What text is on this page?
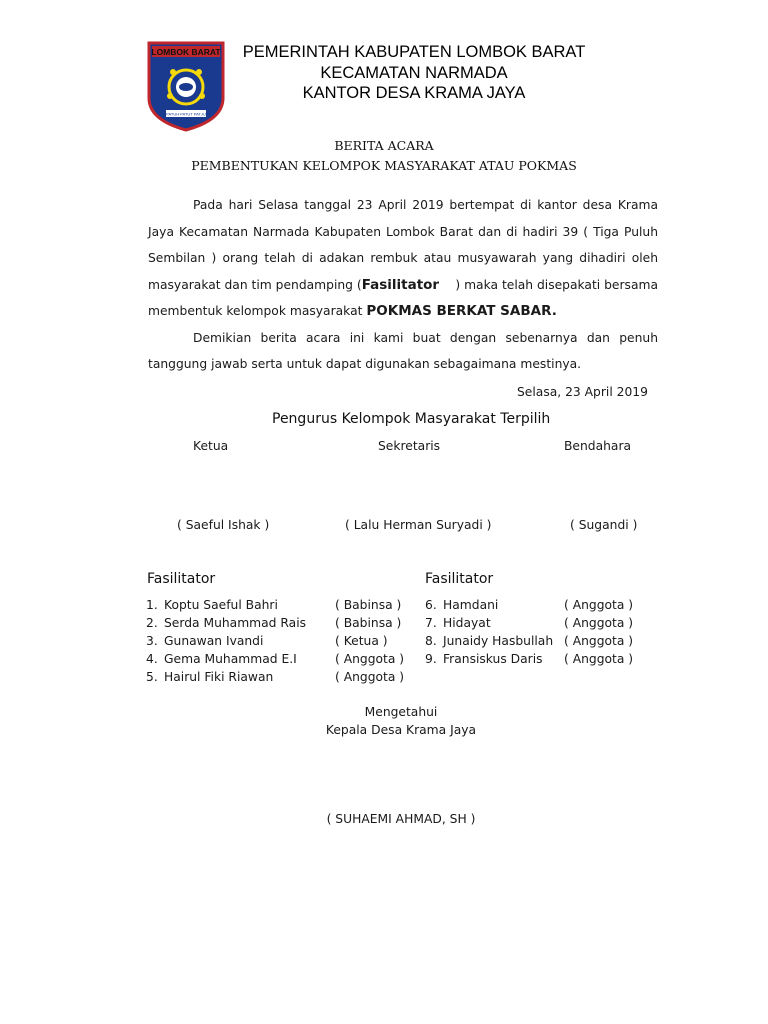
LOMBOK BARAT
PATUH PATUT PATJU
PEMERINTAH KABUPATEN LOMBOK BARAT
KECAMATAN NARMADA
KANTOR DESA KRAMA JAYA
BERITA ACARA
PEMBENTUKAN KELOMPOK MASYARAKAT ATAU POKMAS
Pada hari Selasa tanggal 23 April 2019 bertempat di kantor desa Krama
Jaya Kecamatan Narmada Kabupaten Lombok Barat dan di hadiri 39 ( Tiga Puluh
Sembilan ) orang telah di adakan rembuk atau musyawarah yang dihadiri oleh
masyarakat dan tim pendamping ( Fasilitator ) maka telah disepakati bersama
membentuk kelompok masyarakat POKMAS BERKAT SABAR.
Demikian berita acara ini kami buat dengan sebenarnya dan penuh
tanggung jawab serta untuk dapat digunakan sebagaimana mestinya.
Selasa, 23 April 2019
Pengurus Kelompok Masyarakat Terpilih
Ketua	Sekretaris	Bendahara
( Saeful Ishak )	( Lalu Herman Suryadi )	( Sugandi )
Fasilitator	Fasilitator
1. Koptu Saeful Bahri	( Babinsa )
2. Serda Muhammad Rais ( Babinsa )
3. Gunawan Ivandi	( Ketua )
4. Gema Muhammad E.I	( Anggota )
5. Hairul Fiki Riawan	( Anggota )
6. Hamdani	( Anggota )
7. Hidayat	( Anggota )
8. Junaidy Hasbullah ( Anggota )
9. Fransiskus Daris ( Anggota )
Mengetahui
Kepala Desa Krama Jaya
( SUHAEMI AHMAD, SH )
